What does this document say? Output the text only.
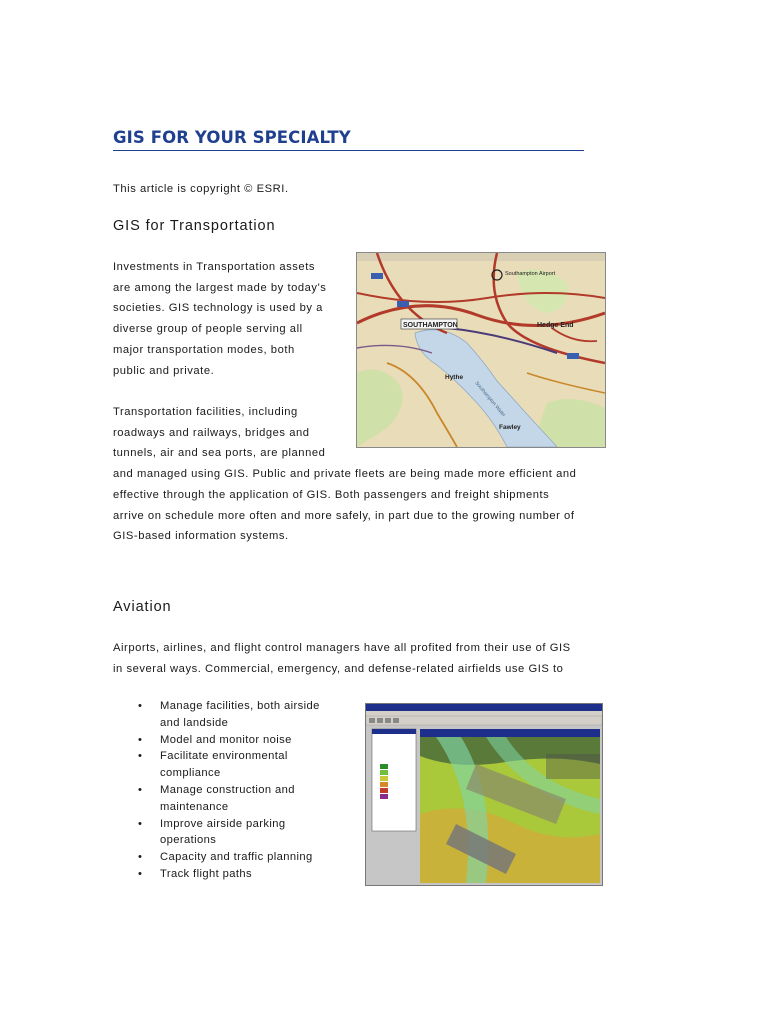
GIS FOR YOUR SPECIALTY
This article is copyright © ESRI.
GIS for Transportation
Investments in Transportation assets
are among the largest made by today's
societies. GIS technology is used by a
diverse group of people serving all
major transportation modes, both
public and private.
Transportation facilities, including
roadways and railways, bridges and
tunnels, air and sea ports, are planned
and managed using GIS. Public and private fleets are being made more efficient and
effective through the application of GIS. Both passengers and freight shipments
arrive on schedule more often and more safely, in part due to the growing number of
GIS-based information systems.
SOUTHAMPTON	Hedge End
Fawley
Hythe
Southampton Airport
Southampton Water
Aviation
Airports, airlines, and flight control managers have all profited from their use of GIS
in several ways. Commercial, emergency, and defense-related airfields use GIS to
• Manage facilities, both airside
and landside
• Model and monitor noise
• Facilitate environmental
compliance
• Manage construction and
maintenance
• Improve airside parking
operations
• Capacity and traffic planning
• Track flight paths
